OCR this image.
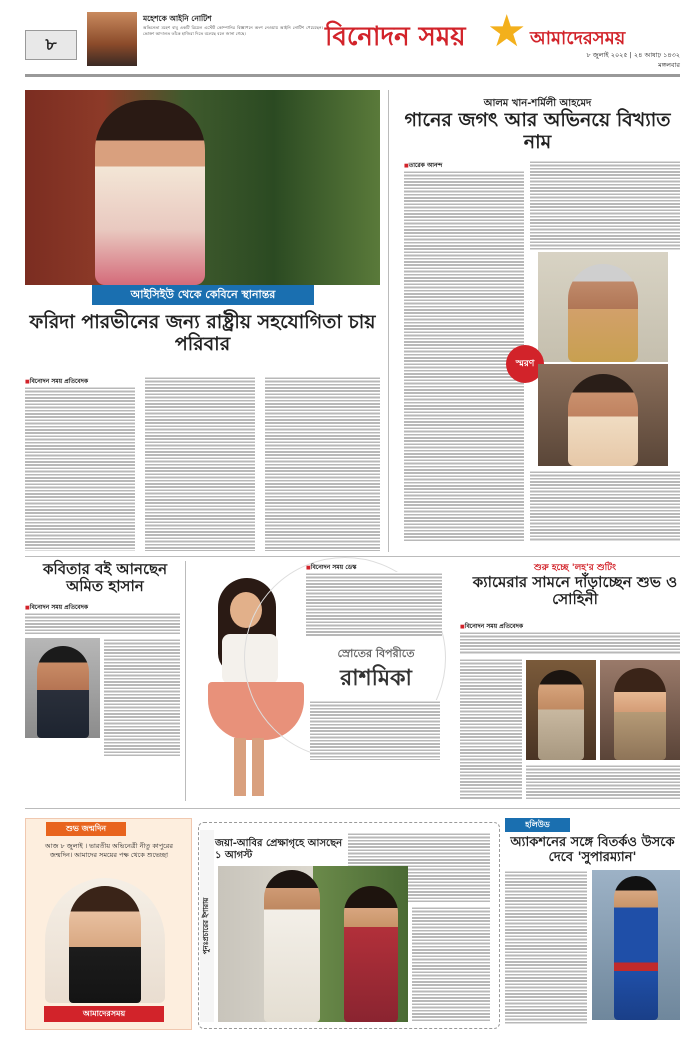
৮
মহেশকে আইনি নোটিশ
অভিনেতা মহেশ বাবু একটি রিয়েল এস্টেট কোম্পানির বিজ্ঞাপনে অংশ নেওয়ায় আইনি নোটিশ পেয়েছেন। ভোক্তা আদালত তাঁকে হাজিরা দিতে বলেছে বলে জানা গেছে।	বিনোদন সময় ★ আমাদেরসময়
৮ জুলাই ২০২৫ | ২৪ আষাঢ় ১৪৩২
মঙ্গলবার
আইসিইউ থেকে কেবিনে স্থানান্তর
ফরিদা পারভীনের জন্য রাষ্ট্রীয় সহযোগিতা চায় পরিবার
■ বিনোদন সময় প্রতিবেদক
আলম খান-শর্মিলী আহমেদ
গানের জগৎ আর অভিনয়ে বিখ্যাত নাম
■ তারেক আনন্দ
স্মরণ
কবিতার বই আনছেন অমিত হাসান
■ বিনোদন সময় প্রতিবেদক
■ বিনোদন সময় ডেস্ক
স্রোতের বিপরীতে
রাশমিকা
শুরু হচ্ছে 'লহ'র শুটিং
ক্যামেরার সামনে দাঁড়াচ্ছেন শুভ ও সোহিনী
■ বিনোদন সময় প্রতিবেদক
শুভ জন্মদিন
আজ ৮ জুলাই । ভারতীয় অভিনেত্রী নীতু কাপুরের জন্মদিন। আমাদের সময়ের পক্ষ থেকে শুভেচ্ছা
আমাদেরসময়
পুনঃপ্রচারের ইশারায়
জয়া-আবির প্রেক্ষাগৃহে আসছেন ১ আগস্ট
হলিউড
অ্যাকশনের সঙ্গে বিতর্কও উসকে দেবে 'সুপারম্যান'
